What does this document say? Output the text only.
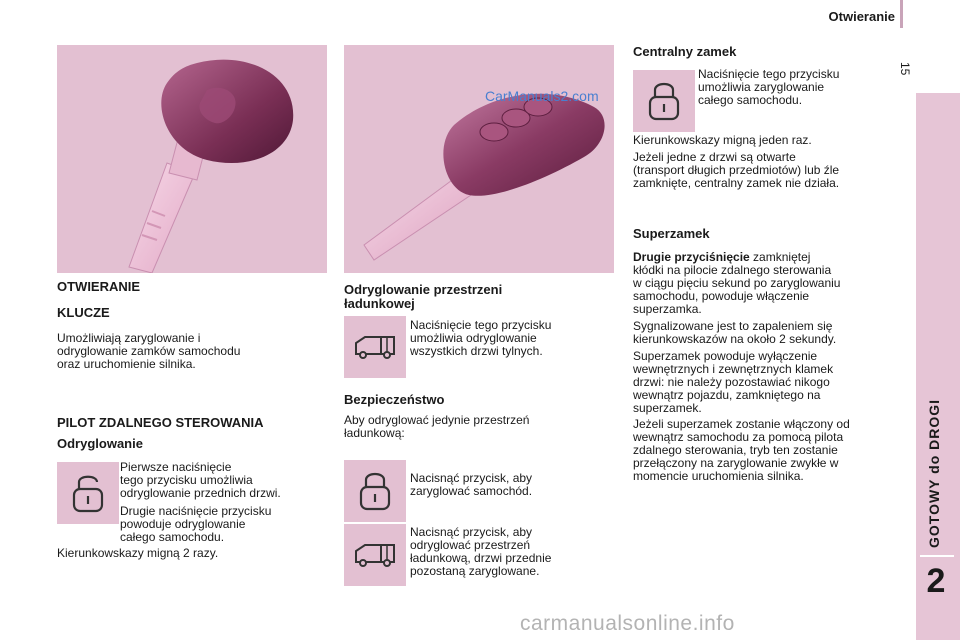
Otwieranie
15
GOTOWY do DROGI
2
CarManuals2.com
OTWIERANIE
KLUCZE
Umożliwiają zaryglowanie i
odryglowanie zamków samochodu
oraz uruchomienie silnika.
PILOT ZDALNEGO STEROWANIA
Odryglowanie
Pierwsze naciśnięcie
tego przycisku umożliwia
odryglowanie przednich drzwi.
Drugie naciśnięcie przycisku
powoduje odryglowanie
całego samochodu.
Kierunkowskazy migną 2 razy.
Odryglowanie przestrzeni
ładunkowej
Naciśnięcie tego przycisku
umożliwia odryglowanie
wszystkich drzwi tylnych.
Bezpieczeństwo
Aby odryglować jedynie przestrzeń
ładunkową:
Nacisnąć przycisk, aby
zaryglować samochód.
Nacisnąć przycisk, aby
odryglować przestrzeń
ładunkową, drzwi przednie
pozostaną zaryglowane.
Centralny zamek
Naciśnięcie tego przycisku
umożliwia zaryglowanie
całego samochodu.
Kierunkowskazy migną jeden raz.
Jeżeli jedne z drzwi są otwarte
(transport długich przedmiotów) lub źle
zamknięte, centralny zamek nie działa.
Superzamek
Drugie przyciśnięcie zamkniętej
kłódki na pilocie zdalnego sterowania
w ciągu pięciu sekund po zaryglowaniu
samochodu, powoduje włączenie
superzamka.
Sygnalizowane jest to zapaleniem się
kierunkowskazów na około 2 sekundy.
Superzamek powoduje wyłączenie
wewnętrznych i zewnętrznych klamek
drzwi: nie należy pozostawiać nikogo
wewnątrz pojazdu, zamkniętego na
superzamek.
Jeżeli superzamek zostanie włączony od
wewnątrz samochodu za pomocą pilota
zdalnego sterowania, tryb ten zostanie
przełączony na zaryglowanie zwykłe w
momencie uruchomienia silnika.
carmanualsonline.info
